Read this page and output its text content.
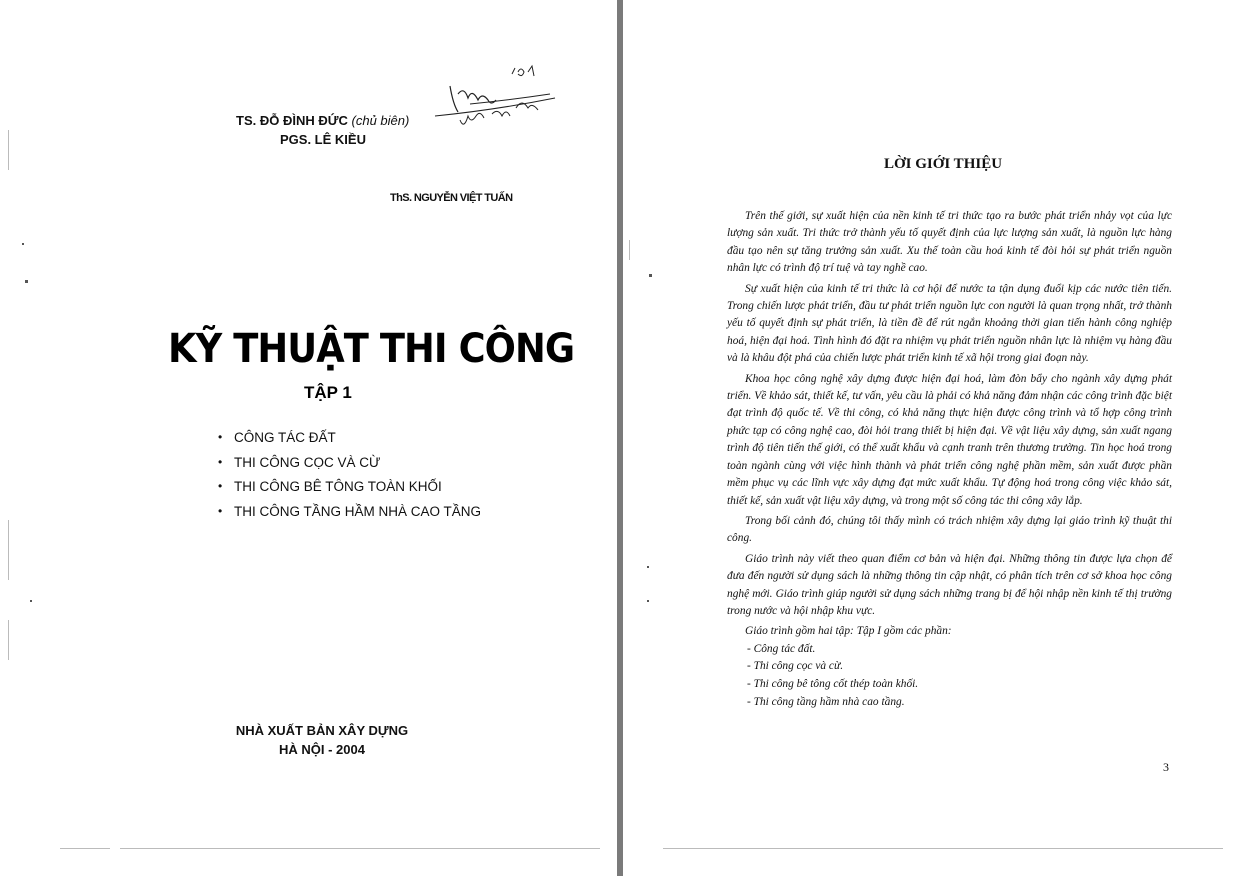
TS. ĐỖ ĐÌNH ĐỨC (chủ biên)
PGS. LÊ KIỀU
ThS. NGUYỄN VIỆT TUẤN
KỸ THUẬT THI CÔNG
TẬP 1
• CÔNG TÁC ĐẤT
• THI CÔNG CỌC VÀ CỪ
• THI CÔNG BÊ TÔNG TOÀN KHỐI
• THI CÔNG TẦNG HẦM NHÀ CAO TẦNG
NHÀ XUẤT BẢN XÂY DỰNG
HÀ NỘI - 2004
LỜI GIỚI THIỆU

Trên thế giới, sự xuất hiện của nền kinh tế tri thức tạo ra bước phát triển nhảy vọt của lực lượng sản xuất. Tri thức trở thành yếu tố quyết định của lực lượng sản xuất, là nguồn lực hàng đầu tạo nên sự tăng trưởng sản xuất. Xu thế toàn cầu hoá kinh tế đòi hỏi sự phát triển nguồn nhân lực có trình độ trí tuệ và tay nghề cao.

Sự xuất hiện của kinh tế tri thức là cơ hội để nước ta tận dụng đuổi kịp các nước tiên tiến. Trong chiến lược phát triển, đầu tư phát triển nguồn lực con người là quan trọng nhất, trở thành yếu tố quyết định sự phát triển, là tiền đề để rút ngắn khoảng thời gian tiến hành công nghiệp hoá, hiện đại hoá. Tình hình đó đặt ra nhiệm vụ phát triển nguồn nhân lực là nhiệm vụ hàng đầu và là khâu đột phá của chiến lược phát triển kinh tế xã hội trong giai đoạn này.

Khoa học công nghệ xây dựng được hiện đại hoá, làm đòn bẩy cho ngành xây dựng phát triển. Về khảo sát, thiết kế, tư vấn, yêu cầu là phải có khả năng đảm nhận các công trình đặc biệt đạt trình độ quốc tế. Về thi công, có khả năng thực hiện được công trình và tổ hợp công trình phức tạp có công nghệ cao, đòi hỏi trang thiết bị hiện đại. Về vật liệu xây dựng, sản xuất ngang trình độ tiên tiến thế giới, có thể xuất khẩu và cạnh tranh trên thương trường. Tin học hoá trong toàn ngành cùng với việc hình thành và phát triển công nghệ phần mềm, sản xuất được phần mềm phục vụ các lĩnh vực xây dựng đạt mức xuất khẩu. Tự động hoá trong công việc khảo sát, thiết kế, sản xuất vật liệu xây dựng, và trong một số công tác thi công xây lắp.

Trong bối cảnh đó, chúng tôi thấy mình có trách nhiệm xây dựng lại giáo trình kỹ thuật thi công.

Giáo trình này viết theo quan điểm cơ bản và hiện đại. Những thông tin được lựa chọn để đưa đến người sử dụng sách là những thông tin cập nhật, có phân tích trên cơ sở khoa học công nghệ mới. Giáo trình giúp người sử dụng sách những trang bị để hội nhập nền kinh tế thị trường trong nước và hội nhập khu vực.

Giáo trình gồm hai tập: Tập I gồm các phần:

- Công tác đất.

- Thi công cọc và cừ.

- Thi công bê tông cốt thép toàn khối.

- Thi công tầng hầm nhà cao tầng.

3
